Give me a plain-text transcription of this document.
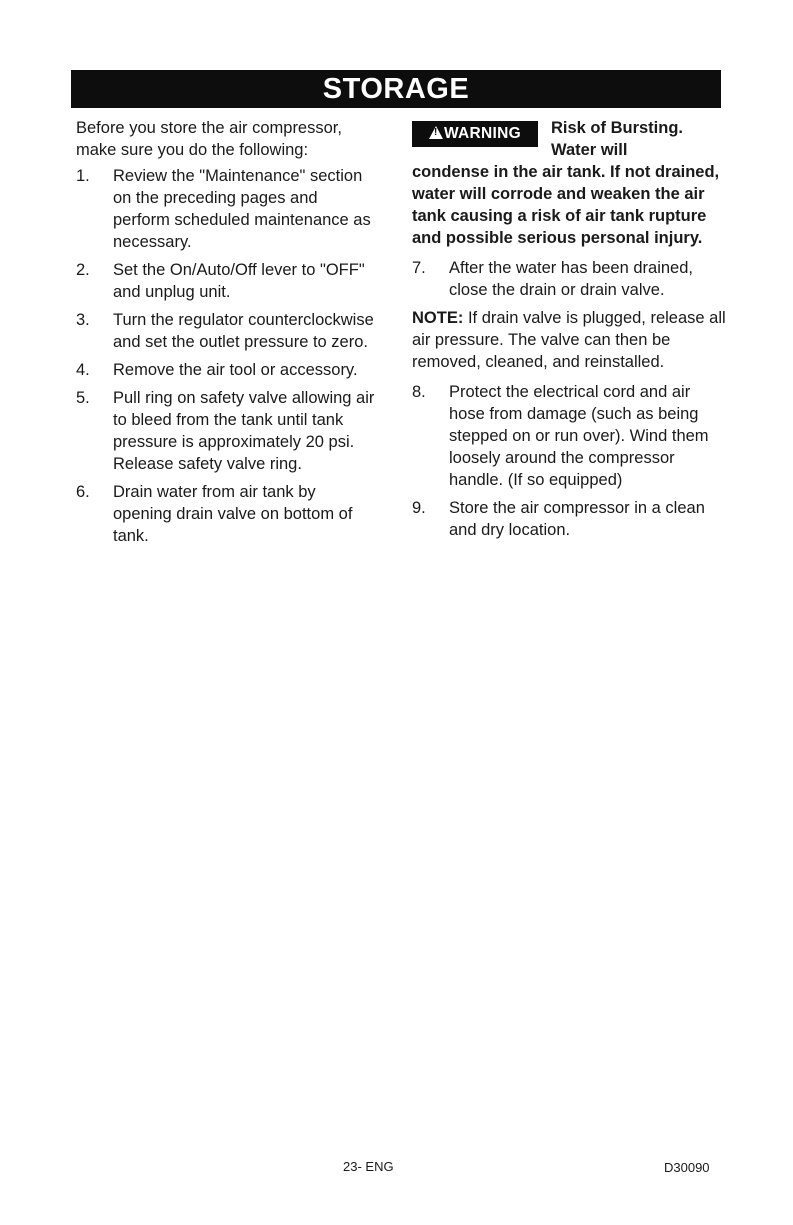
STORAGE

Before you store the air compressor, make sure you do the following:

1. Review the "Maintenance" section on the preceding pages and perform scheduled maintenance as necessary.
2. Set the On/Auto/Off lever to "OFF" and unplug unit.
3. Turn the regulator counterclockwise and set the outlet pressure to zero.
4. Remove the air tool or accessory.
5. Pull ring on safety valve allowing air to bleed from the tank until tank pressure is approximately 20 psi. Release safety valve ring.
6. Drain water from air tank by opening drain valve on bottom of tank.
!WARNING	Risk of Bursting. Water will

condense in the air tank. If not drained, water will corrode and weaken the air tank causing a risk of air tank rupture and possible serious personal injury.

7. After the water has been drained, close the drain or drain valve.

NOTE: If drain valve is plugged, release all air pressure. The valve can then be removed, cleaned, and reinstalled.

8. Protect the electrical cord and air hose from damage (such as being stepped on or run over). Wind them loosely around the compressor handle. (If so equipped)
9. Store the air compressor in a clean and dry location.
23- ENG	D30090
